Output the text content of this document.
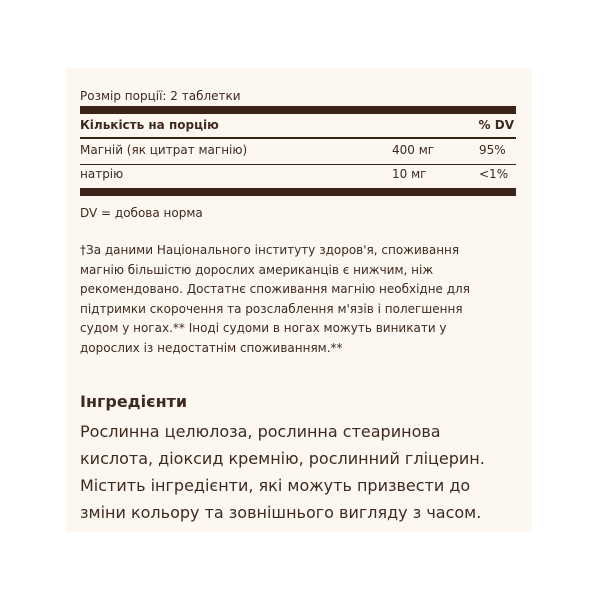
Розмір порції: 2 таблетки
Кількість на порцію	% DV
Магній (як цитрат магнію)	400 мг	95%
натрію	10 мг	<1%
DV = добова норма
†За даними Національного інституту здоров'я, споживання
магнію більшістю дорослих американців є нижчим, ніж
рекомендовано. Достатнє споживання магнію необхідне для
підтримки скорочення та розслаблення м'язів і полегшення
судом у ногах.** Іноді судоми в ногах можуть виникати у
дорослих із недостатнім споживанням.**
Інгредієнти
Рослинна целюлоза, рослинна стеаринова
кислота, діоксид кремнію, рослинний гліцерин.
Містить інгредієнти, які можуть призвести до
зміни кольору та зовнішнього вигляду з часом.
